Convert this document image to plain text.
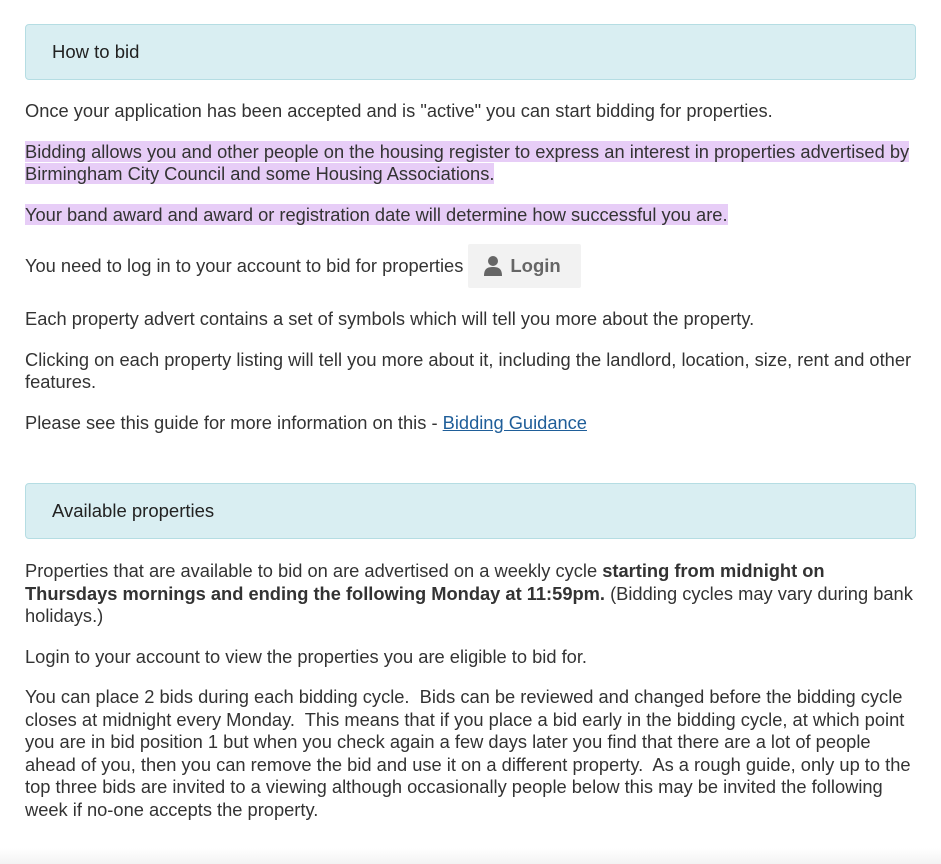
How to bid

Once your application has been accepted and is "active" you can start bidding for properties.

Bidding allows you and other people on the housing register to express an interest in properties advertised by Birmingham City Council and some Housing Associations.

Your band award and award or registration date will determine how successful you are.

You need to log in to your account to bid for properties	Login

Each property advert contains a set of symbols which will tell you more about the property.

Clicking on each property listing will tell you more about it, including the landlord, location, size, rent and other features.

Please see this guide for more information on this - Bidding Guidance

Available properties

Properties that are available to bid on are advertised on a weekly cycle starting from midnight on Thursdays mornings and ending the following Monday at 11:59pm. (Bidding cycles may vary during bank holidays.)

Login to your account to view the properties you are eligible to bid for.

You can place 2 bids during each bidding cycle.  Bids can be reviewed and changed before the bidding cycle closes at midnight every Monday.  This means that if you place a bid early in the bidding cycle, at which point you are in bid position 1 but when you check again a few days later you find that there are a lot of people ahead of you, then you can remove the bid and use it on a different property.  As a rough guide, only up to the top three bids are invited to a viewing although occasionally people below this may be invited the following week if no-one accepts the property.
